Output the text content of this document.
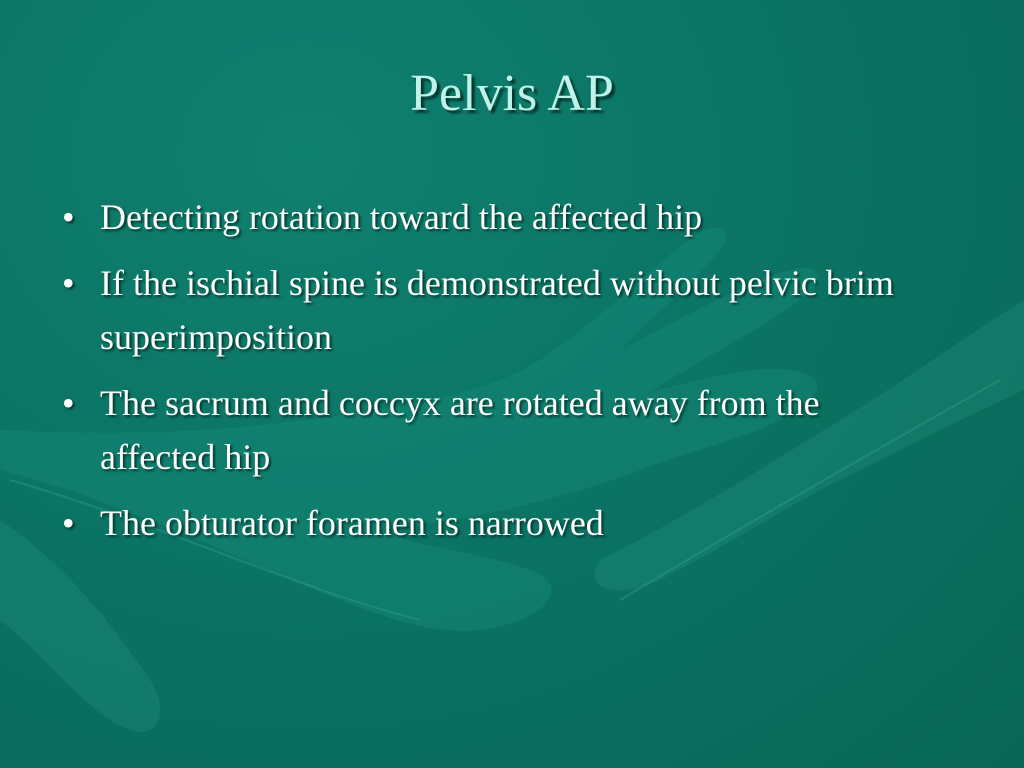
Pelvis AP
• Detecting rotation toward the affected hip
• If the ischial spine is demonstrated without pelvic brim superimposition
• The sacrum and coccyx are rotated away from the affected hip
• The obturator foramen is narrowed
